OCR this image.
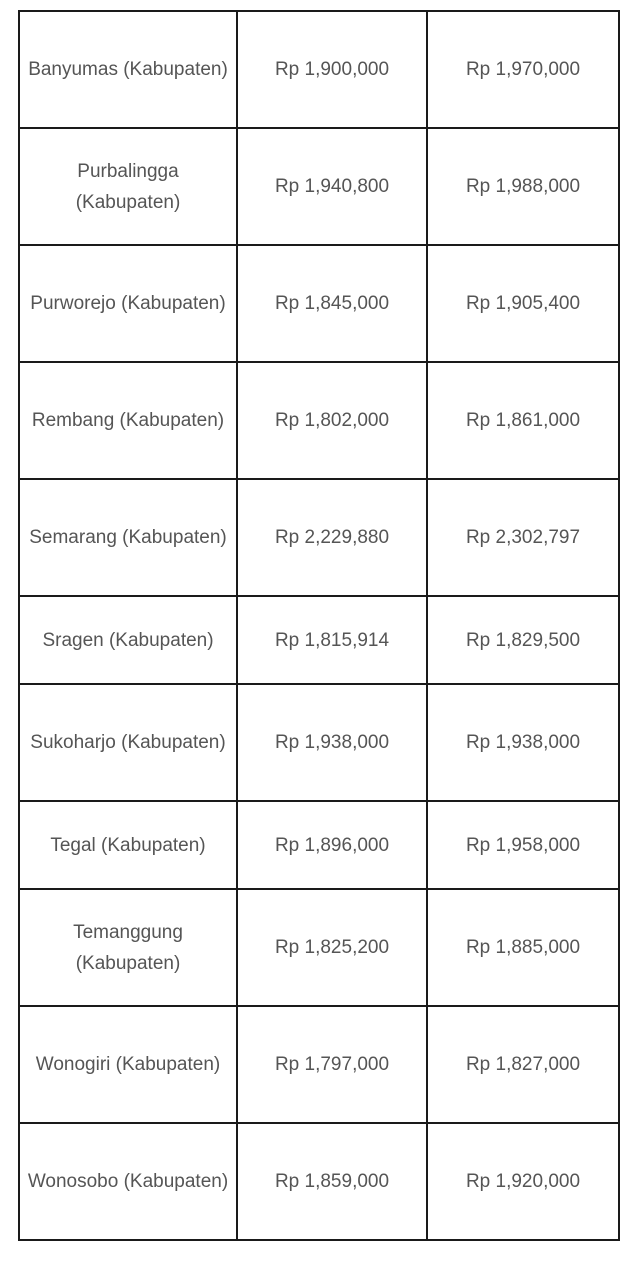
Banyumas (Kabupaten)	Rp 1,900,000	Rp 1,970,000
Purbalingga (Kabupaten)	Rp 1,940,800	Rp 1,988,000
Purworejo (Kabupaten)	Rp 1,845,000	Rp 1,905,400
Rembang (Kabupaten)	Rp 1,802,000	Rp 1,861,000
Semarang (Kabupaten)	Rp 2,229,880	Rp 2,302,797
Sragen (Kabupaten)	Rp 1,815,914	Rp 1,829,500
Sukoharjo (Kabupaten)	Rp 1,938,000	Rp 1,938,000
Tegal (Kabupaten)	Rp 1,896,000	Rp 1,958,000
Temanggung (Kabupaten)	Rp 1,825,200	Rp 1,885,000
Wonogiri (Kabupaten)	Rp 1,797,000	Rp 1,827,000
Wonosobo (Kabupaten)	Rp 1,859,000	Rp 1,920,000
